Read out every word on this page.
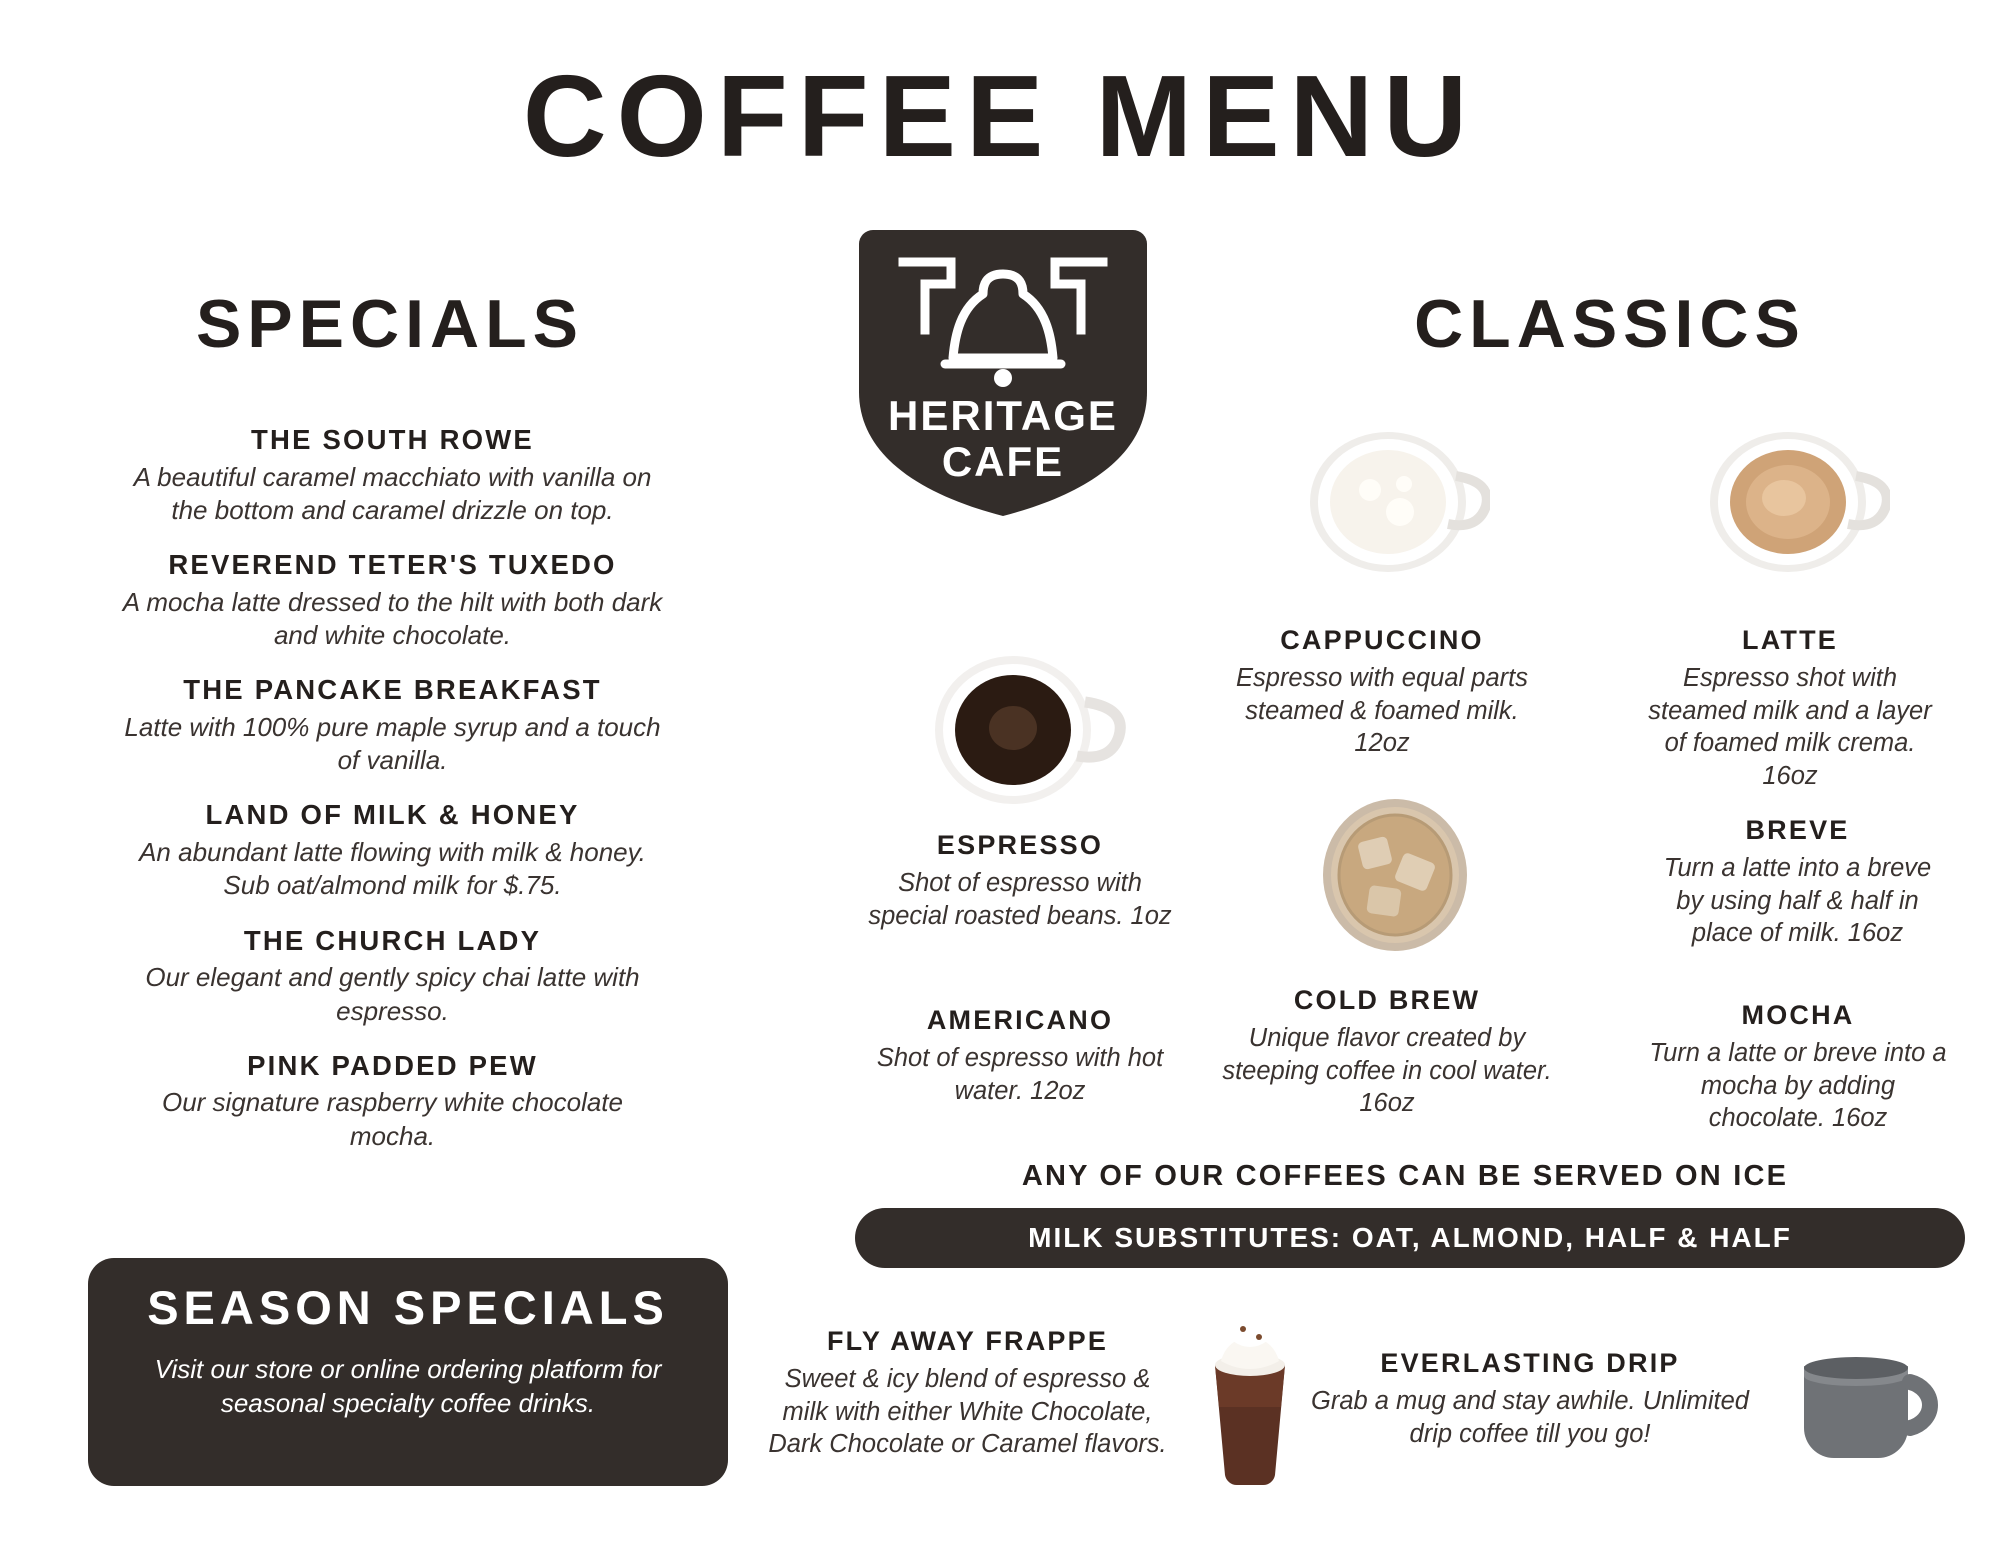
COFFEE MENU
HERITAGE
CAFE
SPECIALS	CLASSICS
THE SOUTH ROWE
A beautiful caramel macchiato with vanilla on the bottom and caramel drizzle on top.
REVEREND TETER'S TUXEDO
A mocha latte dressed to the hilt with both dark and white chocolate.
THE PANCAKE BREAKFAST
Latte with 100% pure maple syrup and a touch of vanilla.
LAND OF MILK & HONEY
An abundant latte flowing with milk & honey. Sub oat/almond milk for $.75.
THE CHURCH LADY
Our elegant and gently spicy chai latte with espresso.
PINK PADDED PEW
Our signature raspberry white chocolate mocha.
SEASON SPECIALS
Visit our store or online ordering platform for seasonal specialty coffee drinks.
ESPRESSO
Shot of espresso with special roasted beans. 1oz
AMERICANO
Shot of espresso with hot water. 12oz
CAPPUCCINO
Espresso with equal parts steamed & foamed milk. 12oz
COLD BREW
Unique flavor created by steeping coffee in cool water. 16oz
LATTE
Espresso shot with steamed milk and a layer of foamed milk crema. 16oz
BREVE
Turn a latte into a breve by using half & half in place of milk. 16oz
MOCHA
Turn a latte or breve into a mocha by adding chocolate. 16oz
ANY OF OUR COFFEES CAN BE SERVED ON ICE
MILK SUBSTITUTES: OAT, ALMOND, HALF & HALF
FLY AWAY FRAPPE
Sweet & icy blend of espresso & milk with either White Chocolate, Dark Chocolate or Caramel flavors.
EVERLASTING DRIP
Grab a mug and stay awhile. Unlimited drip coffee till you go!
